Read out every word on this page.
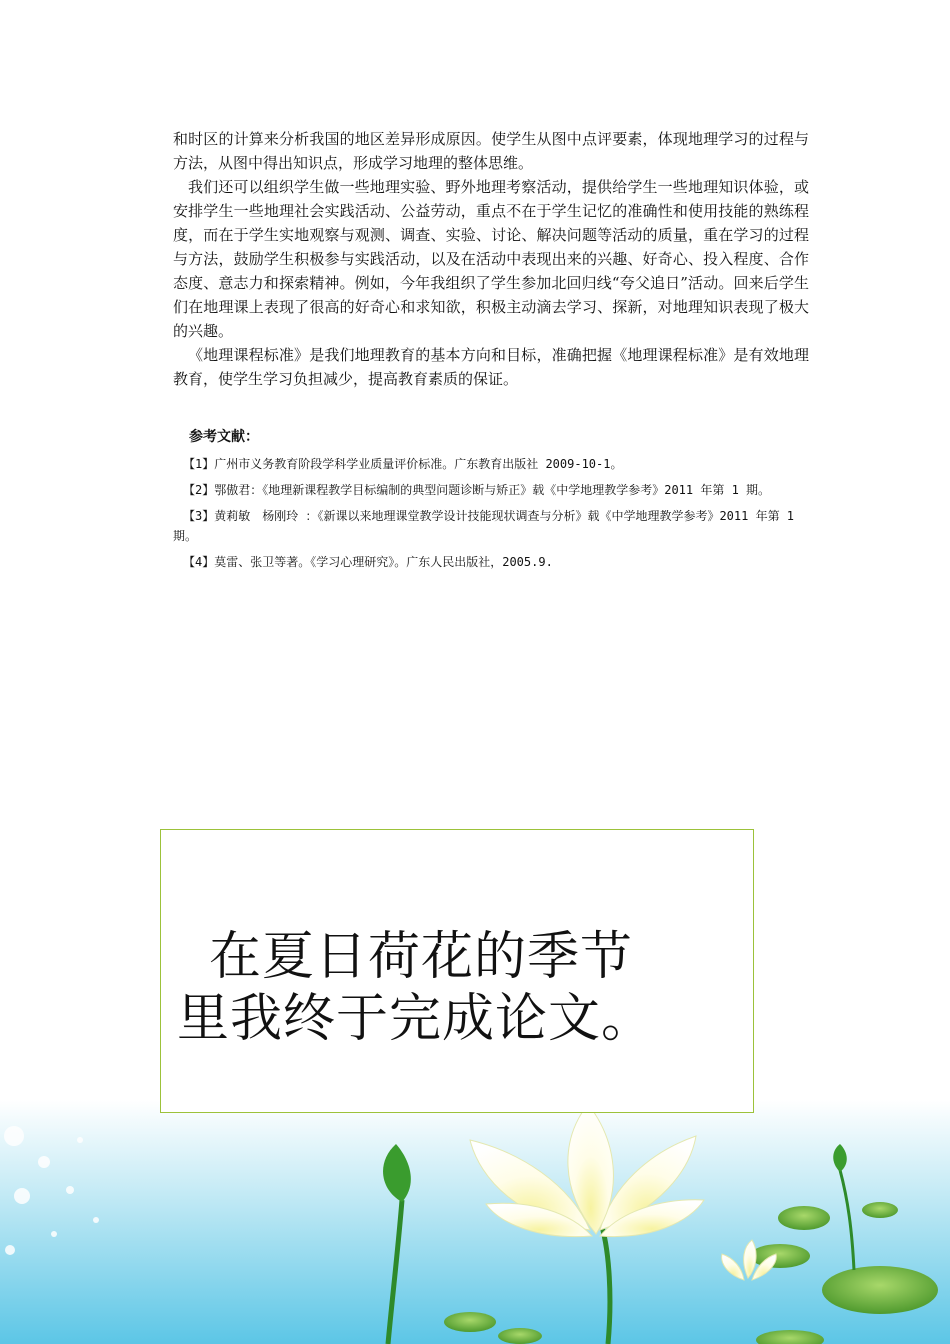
和时区的计算来分析我国的地区差异形成原因。使学生从图中点评要素，体现地理学习的过程与方法，从图中得出知识点，形成学习地理的整体思维。

我们还可以组织学生做一些地理实验、野外地理考察活动，提供给学生一些地理知识体验，或安排学生一些地理社会实践活动、公益劳动，重点不在于学生记忆的准确性和使用技能的熟练程度，而在于学生实地观察与观测、调查、实验、讨论、解决问题等活动的质量，重在学习的过程与方法，鼓励学生积极参与实践活动，以及在活动中表现出来的兴趣、好奇心、投入程度、合作态度、意志力和探索精神。例如，今年我组织了学生参加北回归线“夸父追日”活动。回来后学生们在地理课上表现了很高的好奇心和求知欲，积极主动滴去学习、探新，对地理知识表现了极大的兴趣。

《地理课程标准》是我们地理教育的基本方向和目标，准确把握《地理课程标准》是有效地理教育，使学生学习负担减少，提高教育素质的保证。

参考文献：
【1】广州市义务教育阶段学科学业质量评价标准。广东教育出版社 2009-10-1。
【2】鄂傲君：《地理新课程教学目标编制的典型问题诊断与矫正》载《中学地理教学参考》2011 年第 1 期。
【3】黄莉敏　杨刚玲 ：《新课以来地理课堂教学设计技能现状调查与分析》载《中学地理教学参考》2011 年第 1 期。
【4】莫雷、张卫等著。《学习心理研究》。广东人民出版社，2005.9.
在夏日荷花的季节
里我终于完成论文。
